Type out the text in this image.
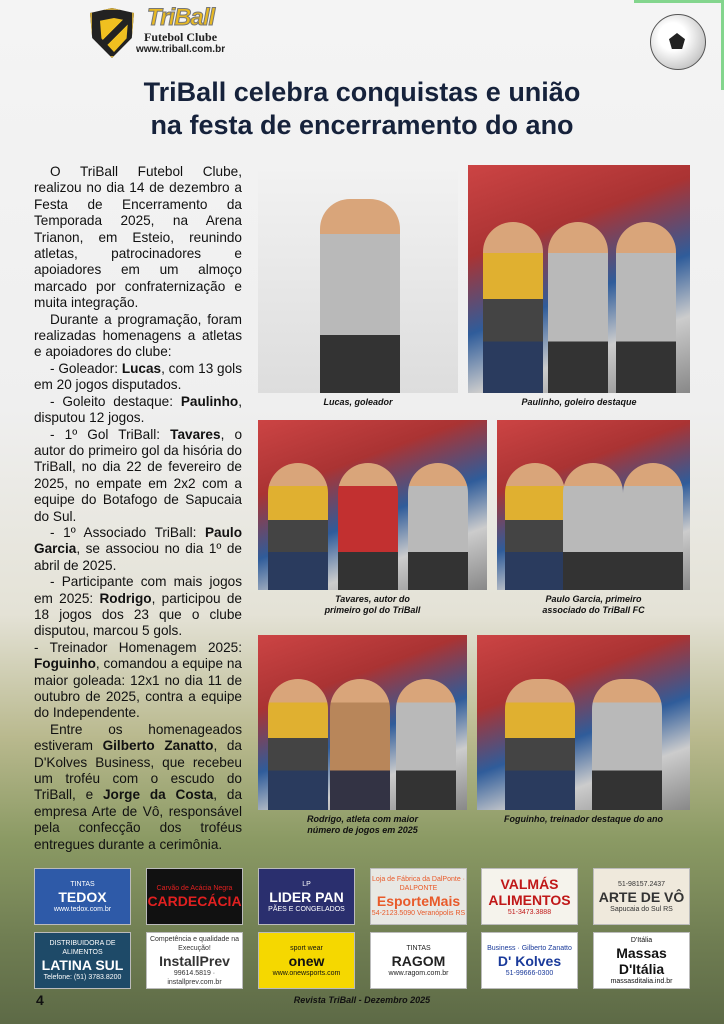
TriBall
Futebol Clube
www.triball.com.br
TriBall celebra conquistas e união
na festa de encerramento do ano

O TriBall Futebol Clube, realizou no dia 14 de dezembro a Festa de Encerramento da Temporada 2025, na Arena Trianon, em Esteio, reunindo atletas, patrocinadores e apoiadores em um almoço marcado por confraternização e muita integração.

Durante a programação, foram realizadas homenagens a atletas e apoiadores do clube:

- Goleador: Lucas, com 13 gols em 20 jogos disputados.

- Goleito destaque: Paulinho, disputou 12 jogos.

- 1º Gol TriBall: Tavares, o autor do primeiro gol da hisória do TriBall, no dia 22 de fevereiro de 2025, no empate em 2x2 com a equipe do Botafogo de Sapucaia do Sul.

- 1º Associado TriBall: Paulo Garcia, se associou no dia 1º de abril de 2025.

- Participante com mais jogos em 2025: Rodrigo, participou de 18 jogos dos 23 que o clube disputou, marcou 5 gols.

- Treinador Homenagem 2025: Foguinho, comandou a equipe na maior goleada: 12x1 no dia 11 de outubro de 2025, contra a equipe do Independente.

Entre os homenageados estiveram Gilberto Zanatto, da D'Kolves Business, que recebeu um troféu com o escudo do TriBall, e Jorge da Costa, da empresa Arte de Vô, responsável pela confecção dos troféus entregues durante a cerimônia.

Lucas, goleador	Paulinho, goleiro destaque
Tavares, autor do
primeiro gol do TriBall
Paulo Garcia, primeiro
associado do TriBall FC
Rodrigo, atleta com maior
número de jogos em 2025
Foguinho, treinador destaque do ano
TINTAS
TEDOX
www.tedox.com.br
Carvão de Acácia Negra
CARDECÁCIA
LP
LIDER PAN
PÃES E CONGELADOS
Loja de Fábrica da DalPonte · DALPONTE
EsporteMais
54-2123.5090 Veranópolis RS
VALMÁS ALIMENTOS
51-3473.3888
51-98157.2437
ARTE DE VÔ
Sapucaia do Sul RS
DISTRIBUIDORA DE ALIMENTOS
LATINA SUL
Telefone: (51) 3783.8200
Competência e qualidade na Execução!
InstallPrev
99614.5819 · installprev.com.br
sport wear
onew
www.onewsports.com
TINTAS
RAGOM
www.ragom.com.br
Business · Gilberto Zanatto
D' Kolves
51-99666-0300
D'Itália
Massas D'Itália
massasditalia.ind.br
4	Revista TriBall - Dezembro 2025
